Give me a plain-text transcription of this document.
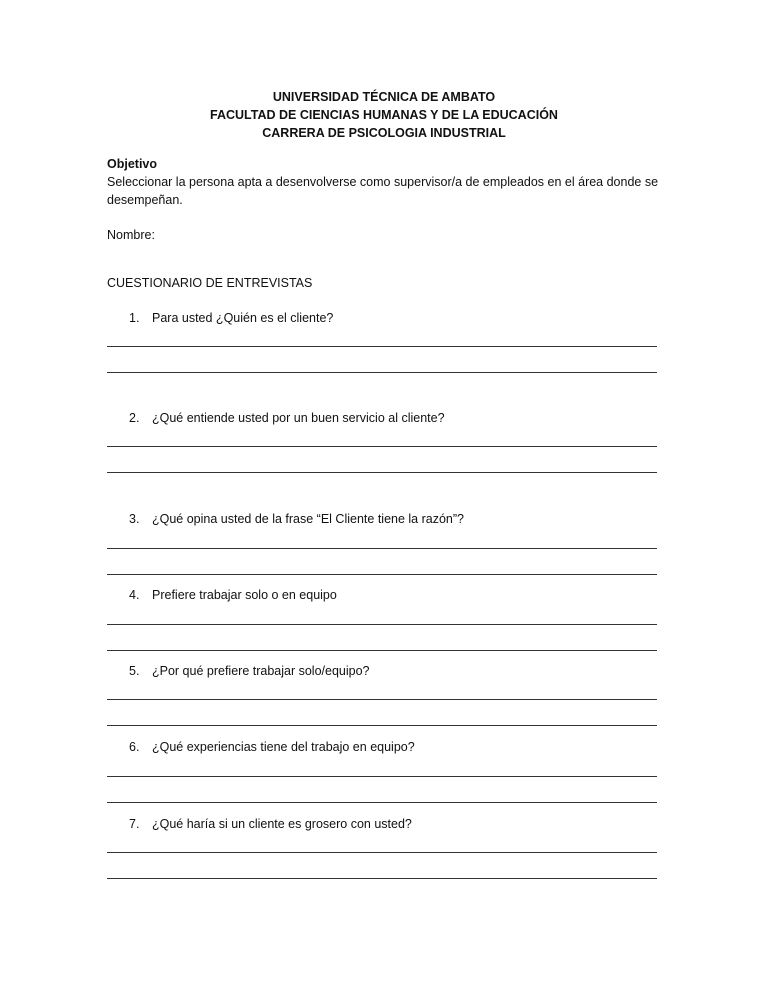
UNIVERSIDAD TÉCNICA DE AMBATO
FACULTAD DE CIENCIAS HUMANAS Y DE LA EDUCACIÓN
CARRERA DE PSICOLOGIA INDUSTRIAL
Objetivo
Seleccionar la persona apta a desenvolverse como supervisor/a de empleados en el área donde se desempeñan.
Nombre:
CUESTIONARIO DE ENTREVISTAS
1. Para usted ¿Quién es el cliente?
2. ¿Qué entiende usted por un buen servicio al cliente?
3. ¿Qué opina usted de la frase “El Cliente tiene la razón”?
4. Prefiere trabajar solo o en equipo
5. ¿Por qué prefiere trabajar solo/equipo?
6. ¿Qué experiencias tiene del trabajo en equipo?
7. ¿Qué haría si un cliente es grosero con usted?
